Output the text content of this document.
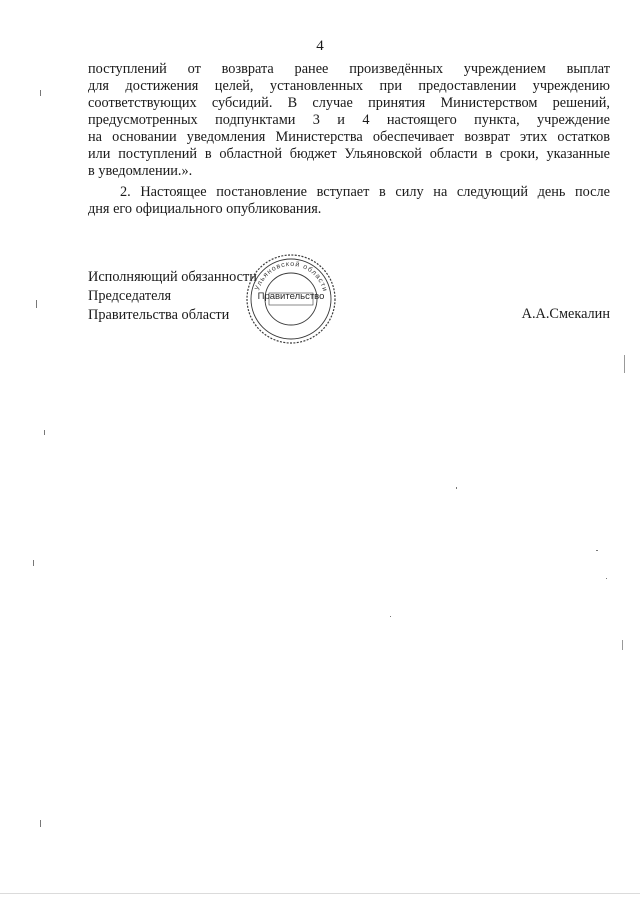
4
поступлений от возврата ранее произведённых учреждением выплат
для достижения целей, установленных при предоставлении учреждению
соответствующих субсидий. В случае принятия Министерством решений,
предусмотренных подпунктами 3 и 4 настоящего пункта, учреждение
на основании уведомления Министерства обеспечивает возврат этих остатков
или поступлений в областной бюджет Ульяновской области в сроки, указанные
в уведомлении.».
2. Настоящее постановление вступает в силу на следующий день после
дня его официального опубликования.
Исполняющий обязанности
Председателя
Правительства области
Ульяновской области
Правительство
А.А.Смекалин
